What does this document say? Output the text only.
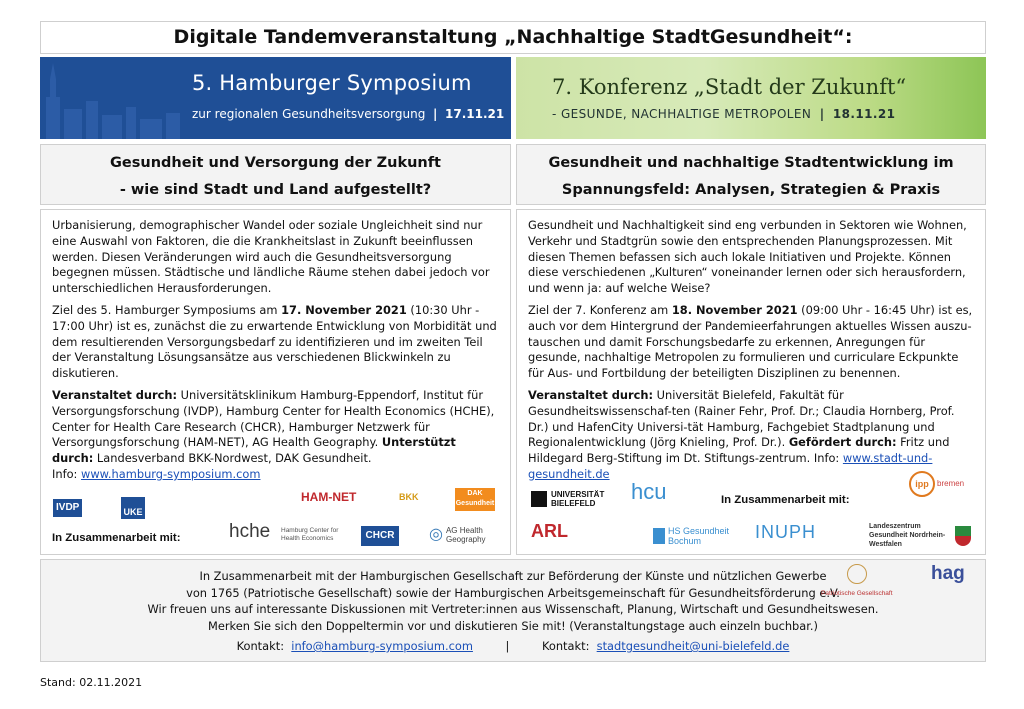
Digitale Tandemveranstaltung „Nachhaltige StadtGesundheit“:
5. Hamburger Symposium
zur regionalen Gesundheitsversorgung | 17.11.21
7. Konferenz „Stadt der Zukunft“
- GESUNDE, NACHHALTIGE METROPOLEN | 18.11.21
Gesundheit und Versorgung der Zukunft
- wie sind Stadt und Land aufgestellt?
Gesundheit und nachhaltige Stadtentwicklung im
Spannungsfeld: Analysen, Strategien & Praxis

Urbanisierung, demographischer Wandel oder soziale Ungleichheit sind nur eine Auswahl von Faktoren, die die Krankheitslast in Zukunft beeinflussen werden. Diesen Veränderungen wird auch die Gesundheitsversorgung begegnen müssen. Städtische und ländliche Räume stehen dabei jedoch vor unterschiedlichen Herausforderungen.

Ziel des 5. Hamburger Symposiums am 17. November 2021 (10:30 Uhr - 17:00 Uhr) ist es, zunächst die zu erwartende Entwicklung von Morbidität und dem resultierenden Versorgungsbedarf zu identifizieren und im zweiten Teil der Veranstaltung Lösungsansätze aus verschiedenen Blickwinkeln zu diskutieren.

Veranstaltet durch: Universitätsklinikum Hamburg-Eppendorf, Institut für Versorgungsforschung (IVDP), Hamburg Center for Health Economics (HCHE), Center for Health Care Research (CHCR), Hamburger Netzwerk für Versorgungsforschung (HAM-NET), AG Health Geography. Unterstützt durch: Landesverband BKK-Nordwest, DAK Gesundheit.
Info: www.hamburg-symposium.com

IVDP	UKE
HAM-NET	BKK	DAK Gesundheit
In Zusammenarbeit mit:	hche Hamburg Center for Health Economics	CHCR ◎ AG Health Geography

Gesundheit und Nachhaltigkeit sind eng verbunden in Sektoren wie Wohnen, Verkehr und Stadtgrün sowie den entsprechenden Planungsprozessen. Mit diesen Themen befassen sich auch lokale Initiativen und Projekte. Können diese verschiedenen „Kulturen“ voneinander lernen oder sich herausfordern, und wenn ja: auf welche Weise?

Ziel der 7. Konferenz am 18. November 2021 (09:00 Uhr - 16:45 Uhr) ist es, auch vor dem Hintergrund der Pandemieerfahrungen aktuelles Wissen auszu-tauschen und damit Forschungsbedarfe zu erkennen, Anregungen für gesunde, nachhaltige Metropolen zu formulieren und curriculare Eckpunkte für Aus- und Fortbildung der beteiligten Disziplinen zu benennen.

Veranstaltet durch: Universität Bielefeld, Fakultät für Gesundheitswissenschaf-ten (Rainer Fehr, Prof. Dr.; Claudia Hornberg, Prof. Dr.) und HafenCity Universi-tät Hamburg, Fachgebiet Stadtplanung und Regionalentwicklung (Jörg Knieling, Prof. Dr.). Gefördert durch: Fritz und Hildegard Berg-Stiftung im Dt. Stiftungs-zentrum. Info: www.stadt-und-gesundheit.de

UNIVERSITÄT BIELEFELD	hcu	In Zusammenarbeit mit:
ipp	bremen
ARL	HS Gesundheit Bochum	INUPH	Landeszentrum Gesundheit Nordrhein-Westfalen
In Zusammenarbeit mit der Hamburgischen Gesellschaft zur Beförderung der Künste und nützlichen Gewerbe
von 1765 (Patriotische Gesellschaft) sowie der Hamburgischen Arbeitsgemeinschaft für Gesundheitsförderung e.V.
Wir freuen uns auf interessante Diskussionen mit Vertreter:innen aus Wissenschaft, Planung, Wirtschaft und Gesundheitswesen.
Merken Sie sich den Doppeltermin vor und diskutieren Sie mit! (Veranstaltungstage auch einzeln buchbar.)
Kontakt: info@hamburg-symposium.com	|	Kontakt: stadtgesundheit@uni-bielefeld.de
Patriotische Gesellschaft
hag
Stand: 02.11.2021
